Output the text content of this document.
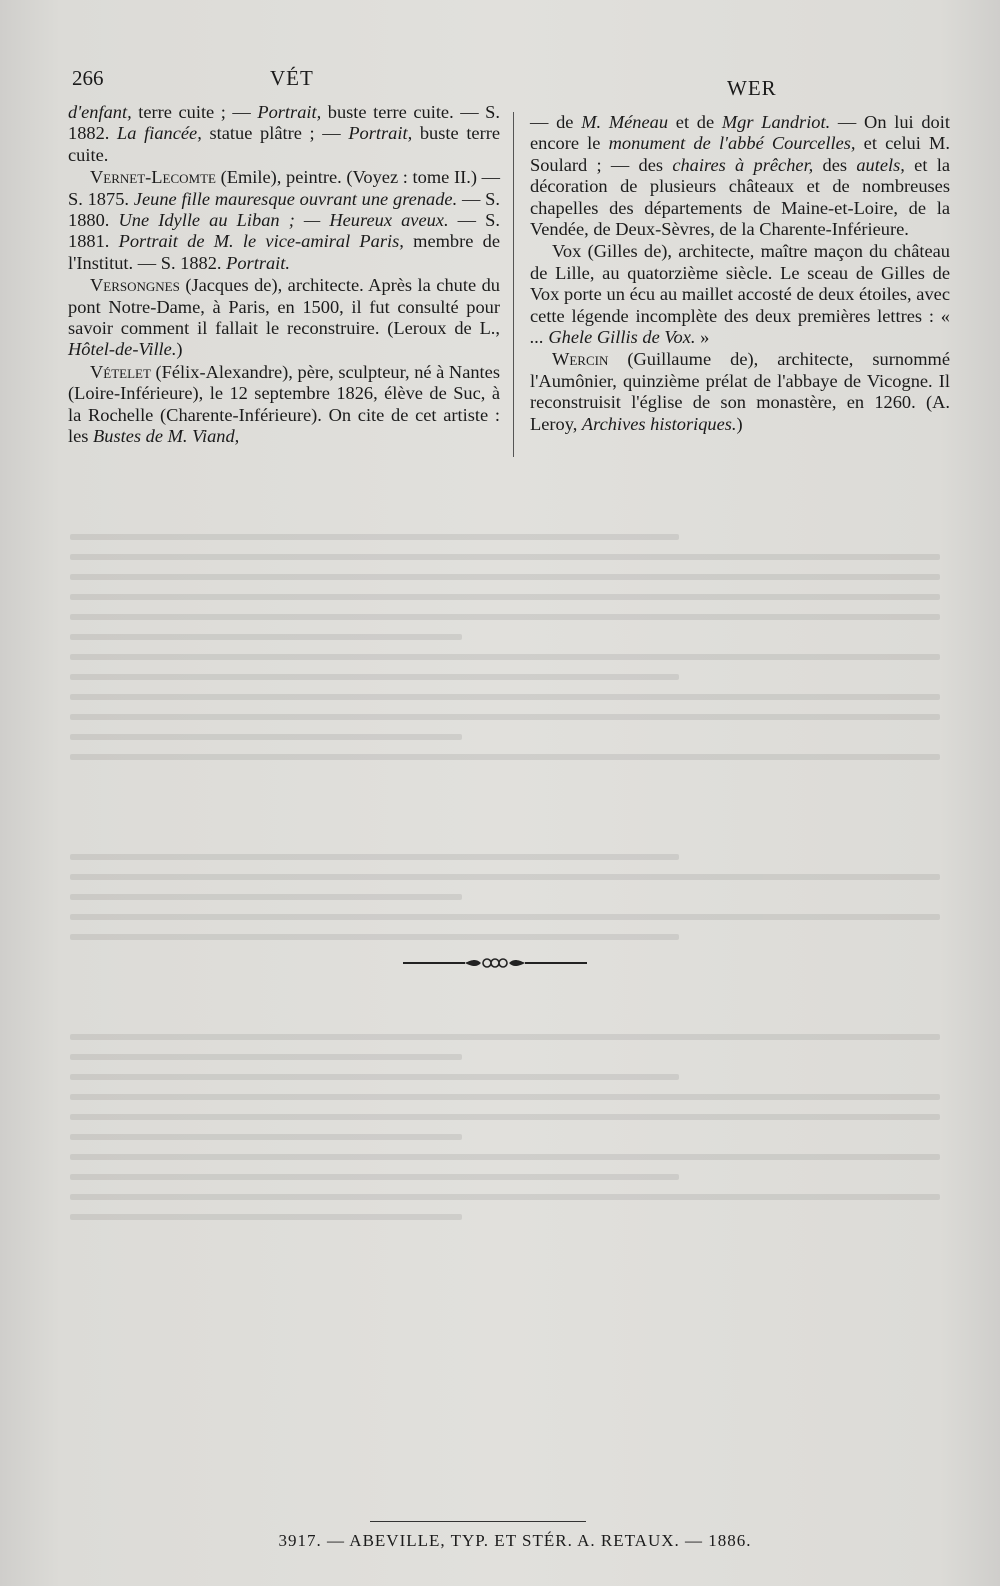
266	VÉT	WER

d'enfant, terre cuite ; — Portrait, buste terre cuite. — S. 1882. La fiancée, statue plâtre ; — Portrait, buste terre cuite.

Vernet-Lecomte (Emile), peintre. (Voyez : tome II.) — S. 1875. Jeune fille mauresque ouvrant une grenade. — S. 1880. Une Idylle au Liban ; — Heureux aveux. — S. 1881. Portrait de M. le vice-amiral Paris, membre de l'Institut. — S. 1882. Portrait.

Versongnes (Jacques de), architecte. Après la chute du pont Notre-Dame, à Paris, en 1500, il fut consulté pour savoir comment il fallait le reconstruire. (Leroux de L., Hôtel-de-Ville.)

Vételet (Félix-Alexandre), père, sculpteur, né à Nantes (Loire-Inférieure), le 12 septembre 1826, élève de Suc, à la Rochelle (Charente-Inférieure). On cite de cet artiste : les Bustes de M. Viand,

— de M. Méneau et de Mgr Landriot. — On lui doit encore le monument de l'abbé Courcelles, et celui M. Soulard ; — des chaires à prêcher, des autels, et la décoration de plusieurs châteaux et de nombreuses chapelles des départements de Maine-et-Loire, de la Vendée, de Deux-Sèvres, de la Charente-Inférieure.

Vox (Gilles de), architecte, maître maçon du château de Lille, au quatorzième siècle. Le sceau de Gilles de Vox porte un écu au maillet accosté de deux étoiles, avec cette légende incomplète des deux premières lettres : « ... Ghele Gillis de Vox. »

Wercin (Guillaume de), architecte, surnommé l'Aumônier, quinzième prélat de l'abbaye de Vicogne. Il reconstruisit l'église de son monastère, en 1260. (A. Leroy, Archives historiques.)

3917. — ABEVILLE, TYP. ET STÉR. A. RETAUX. — 1886.
